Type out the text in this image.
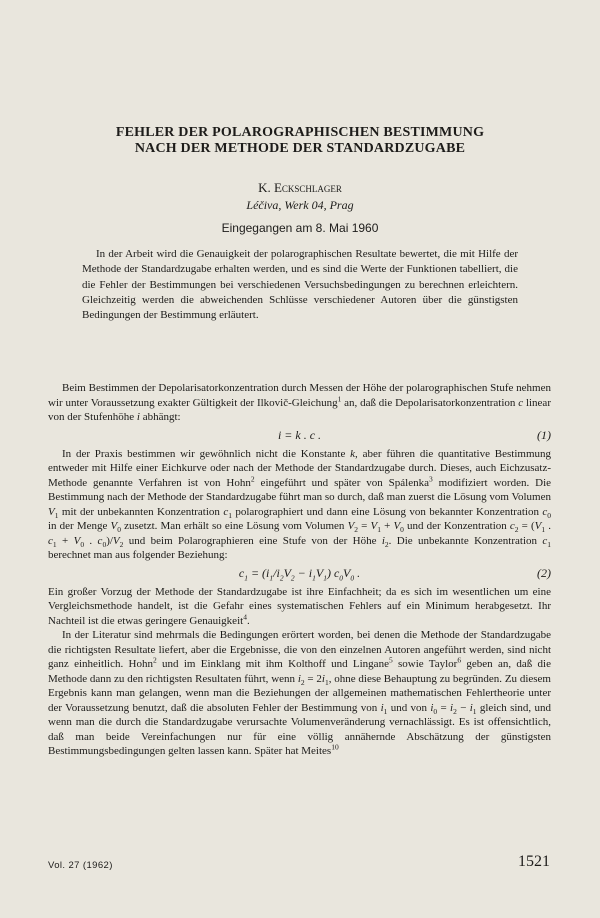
FEHLER DER POLAROGRAPHISCHEN BESTIMMUNG
NACH DER METHODE DER STANDARDZUGABE
K. Eckschlager
Léčiva, Werk 04, Prag
Eingegangen am 8. Mai 1960

In der Arbeit wird die Genauigkeit der polarographischen Resultate bewertet, die mit Hilfe der Methode der Standardzugabe erhalten werden, und es sind die Werte der Funktionen tabelliert, die die Fehler der Bestimmungen bei verschiedenen Versuchsbedingungen zu berechnen erleichtern. Gleichzeitig werden die abweichenden Schlüsse verschiedener Autoren über die günstigsten Bedingungen der Bestimmung erläutert.

Beim Bestimmen der Depolarisatorkonzentration durch Messen der Höhe der polarographischen Stufe nehmen wir unter Voraussetzung exakter Gültigkeit der Ilkovič-Gleichung$^1$ an, daß die Depolarisatorkonzentration c linear von der Stufenhöhe i abhängt:

i = k . c .	(1)

In der Praxis bestimmen wir gewöhnlich nicht die Konstante k, aber führen die quantitative Bestimmung entweder mit Hilfe einer Eichkurve oder nach der Methode der Standardzugabe durch. Dieses, auch Eichzusatz-Methode genannte Verfahren ist von Hohn$^2$ eingeführt und später von Spálenka$^3$ modifiziert worden. Die Bestimmung nach der Methode der Standardzugabe führt man so durch, daß man zuerst die Lösung vom Volumen $V_1$ mit der unbekannten Konzentration $c_1$ polarographiert und dann eine Lösung von bekannter Konzentration $c_0$ in der Menge $V_0$ zusetzt. Man erhält so eine Lösung vom Volumen $V_2 = V_1 + V_0$ und der Konzentration $c_2 = (V_1$ . $c_1 + V_0$ . $c_0)/V_2$ und beim Polarographieren eine Stufe von der Höhe $i_2$. Die unbekannte Konzentration $c_1$ berechnet man aus folgender Beziehung:

$c_1 = (i_1/i_2V_2 - i_1V_1)$ $c_0V_0$ .	(2)

Ein großer Vorzug der Methode der Standardzugabe ist ihre Einfachheit; da es sich im wesentlichen um eine Vergleichsmethode handelt, ist die Gefahr eines systematischen Fehlers auf ein Minimum herabgesetzt. Ihr Nachteil ist die etwas geringere Genauigkeit$^4$.

In der Literatur sind mehrmals die Bedingungen erörtert worden, bei denen die Methode der Standardzugabe die richtigsten Resultate liefert, aber die Ergebnisse, die von den einzelnen Autoren angeführt werden, sind nicht ganz einheitlich. Hohn$^2$ und im Einklang mit ihm Kolthoff und Lingane$^5$ sowie Taylor$^6$ geben an, daß die Methode dann zu den richtigsten Resultaten führt, wenn $i_2 = 2i_1$, ohne diese Behauptung zu begründen. Zu diesem Ergebnis kann man gelangen, wenn man die Beziehungen der allgemeinen mathematischen Fehlertheorie unter der Voraussetzung benutzt, daß die absoluten Fehler der Bestimmung von $i_1$ und von $i_0 = i_2 - i_1$ gleich sind, und wenn man die durch die Standardzugabe verursachte Volumenveränderung vernachlässigt. Es ist offensichtlich, daß man beide Vereinfachungen nur für eine völlig annähernde Abschätzung der günstigsten Bestimmungsbedingungen gelten lassen kann. Später hat Meites$^{10}$

Vol. 27 (1962)	1521
